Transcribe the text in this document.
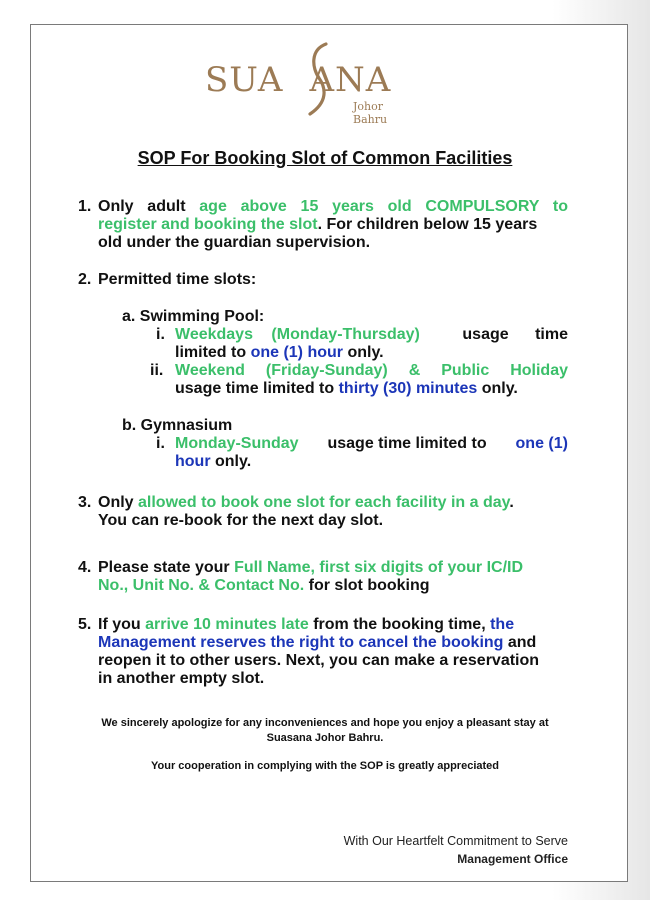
SUA ANA
Johor Bahru
SOP For Booking Slot of Common Facilities
1. Only adult age above 15 years old COMPULSORY to
register and booking the slot. For children below 15 years
old under the guardian supervision.
2. Permitted time slots:
a. Swimming Pool:
i. Weekdays (Monday-Thursday)	usage time
limited to one (1) hour only.
ii. Weekend (Friday-Sunday) & Public Holiday
usage time limited to thirty (30) minutes only.
b. Gymnasium
i. Monday-Sunday usage time limited to one (1)
hour only.
3. Only allowed to book one slot for each facility in a day.
You can re-book for the next day slot.
4. Please state your Full Name, first six digits of your IC/ID
No., Unit No. & Contact No. for slot booking
5. If you arrive 10 minutes late from the booking time, the
Management reserves the right to cancel the booking and
reopen it to other users. Next, you can make a reservation
in another empty slot.
We sincerely apologize for any inconveniences and hope you enjoy a pleasant stay at
Suasana Johor Bahru.
Your cooperation in complying with the SOP is greatly appreciated
With Our Heartfelt Commitment to Serve
Management Office
